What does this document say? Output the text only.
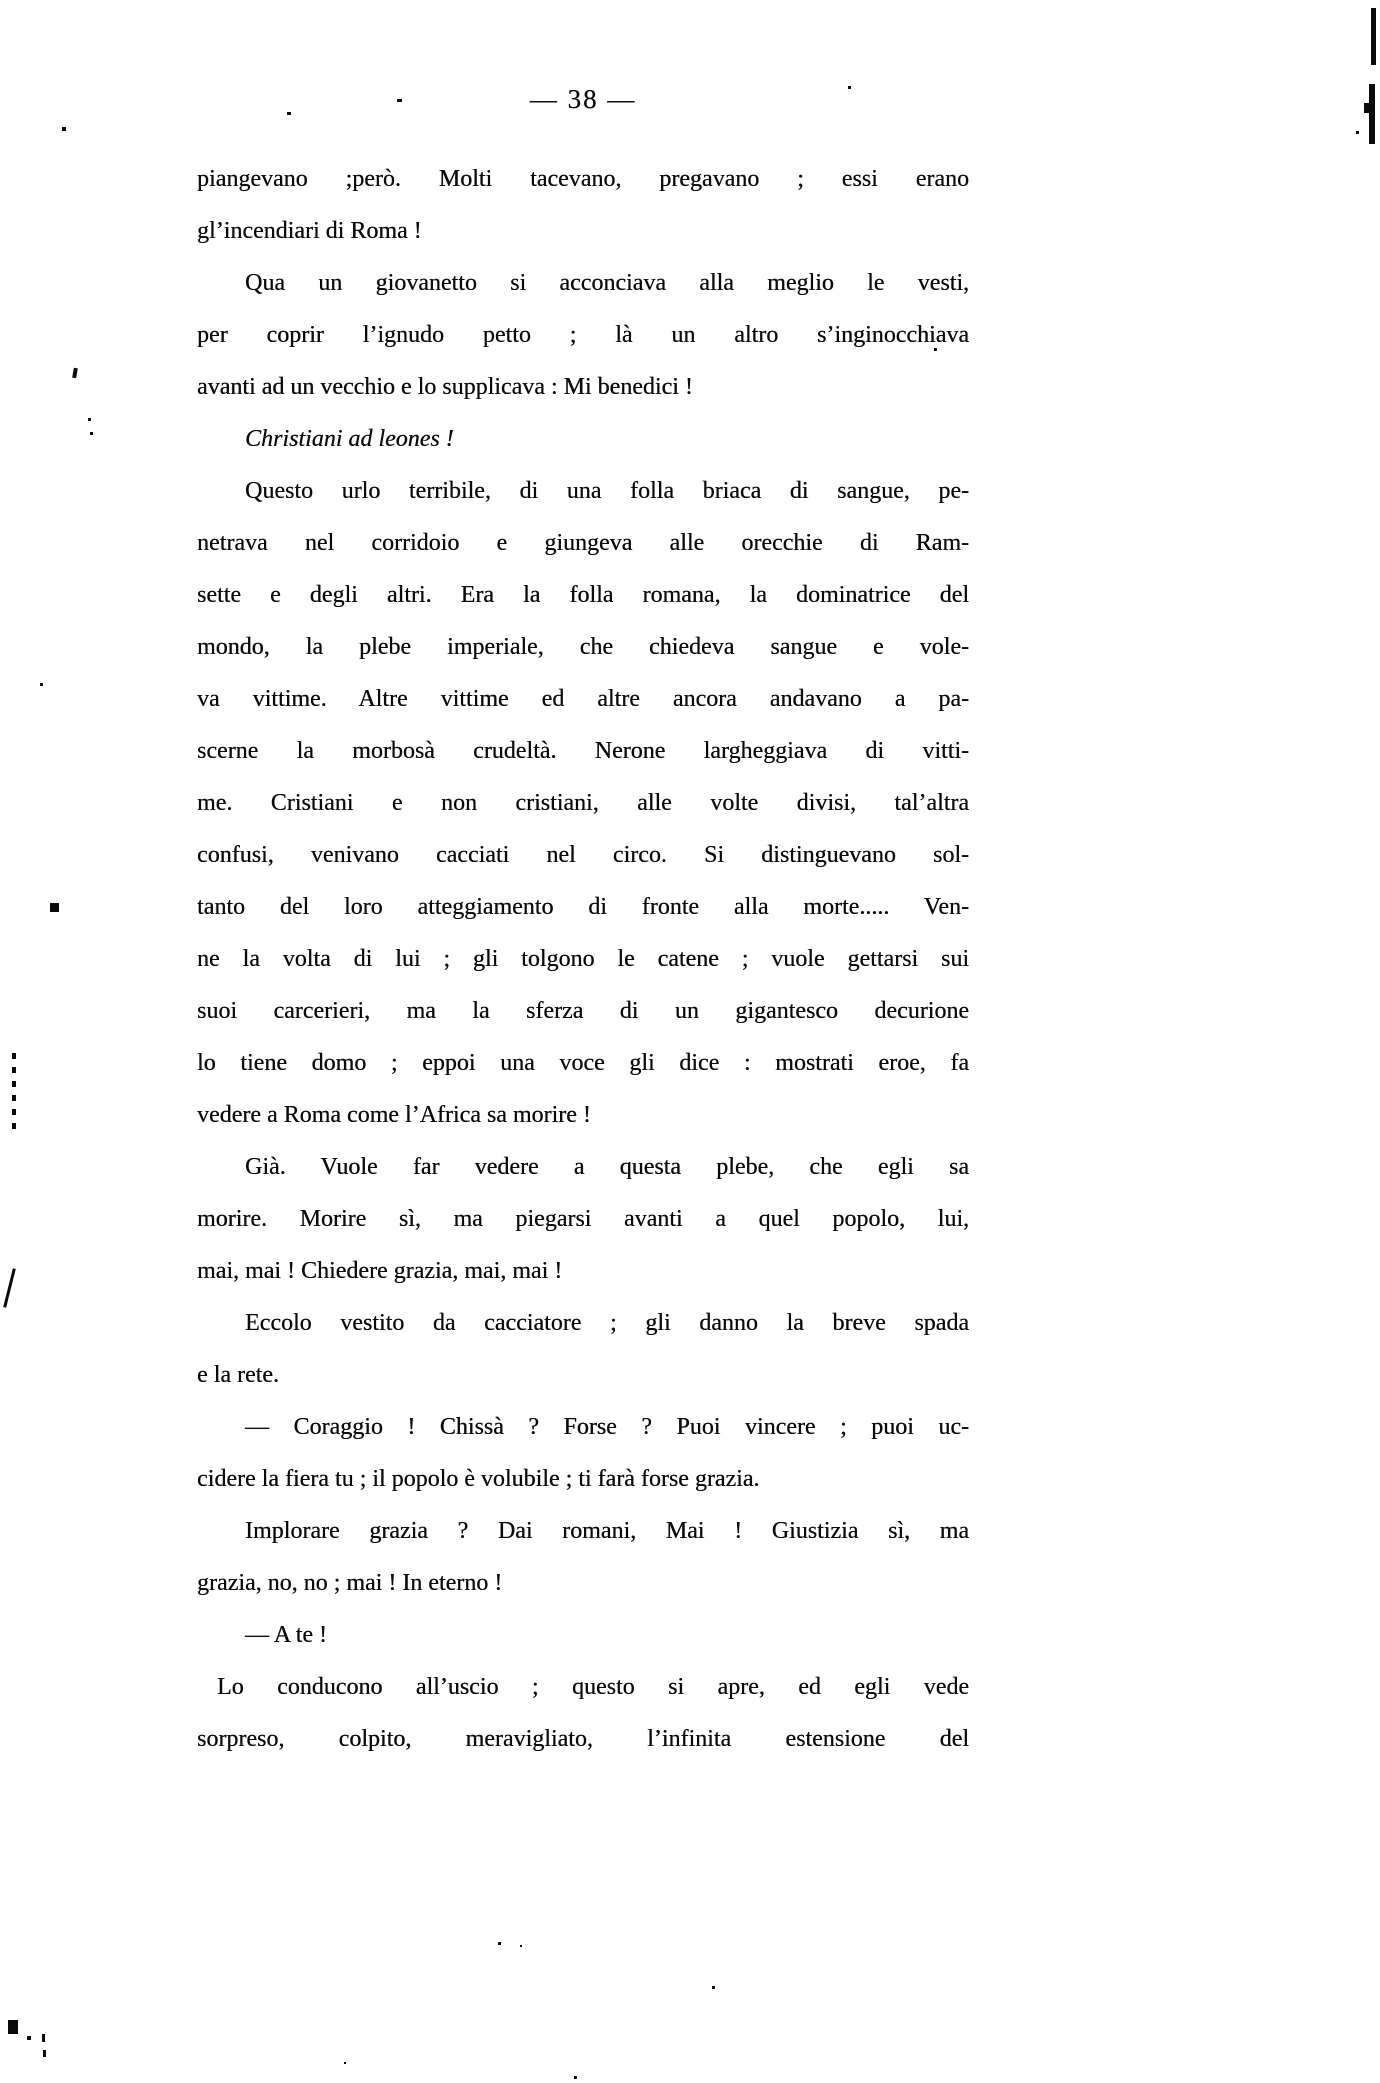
— 38 —
piangevano ;però. Molti tacevano, pregavano ; essi erano
gl’incendiari di Roma !
Qua un giovanetto si acconciava alla meglio le vesti,
per coprir l’ignudo petto ; là un altro s’inginocchiava
avanti ad un vecchio e lo supplicava : Mi benedici !
Christiani ad leones !
Questo urlo terribile, di una folla briaca di sangue, pe-
netrava nel corridoio e giungeva alle orecchie di Ram-
sette e degli altri. Era la folla romana, la dominatrice del
mondo, la plebe imperiale, che chiedeva sangue e vole-
va vittime. Altre vittime ed altre ancora andavano a pa-
scerne la morbosà crudeltà. Nerone largheggiava di vitti-
me. Cristiani e non cristiani, alle volte divisi, tal’altra
confusi, venivano cacciati nel circo. Si distinguevano sol-
tanto del loro atteggiamento di fronte alla morte..... Ven-
ne la volta di lui ; gli tolgono le catene ; vuole gettarsi sui
suoi carcerieri, ma la sferza di un gigantesco decurione
lo tiene domo ; eppoi una voce gli dice : mostrati eroe, fa
vedere a Roma come l’Africa sa morire !
Già. Vuole far vedere a questa plebe, che egli sa
morire. Morire sì, ma piegarsi avanti a quel popolo, lui,
mai, mai ! Chiedere grazia, mai, mai !
Eccolo vestito da cacciatore ; gli danno la breve spada
e la rete.
— Coraggio ! Chissà ? Forse ? Puoi vincere ; puoi uc-
cidere la fiera tu ; il popolo è volubile ; ti farà forse grazia.
Implorare grazia ? Dai romani, Mai ! Giustizia sì, ma
grazia, no, no ; mai ! In eterno !
— A te !
Lo conducono all’uscio ; questo si apre, ed egli vede
sorpreso, colpito, meravigliato, l’infinita estensione del
